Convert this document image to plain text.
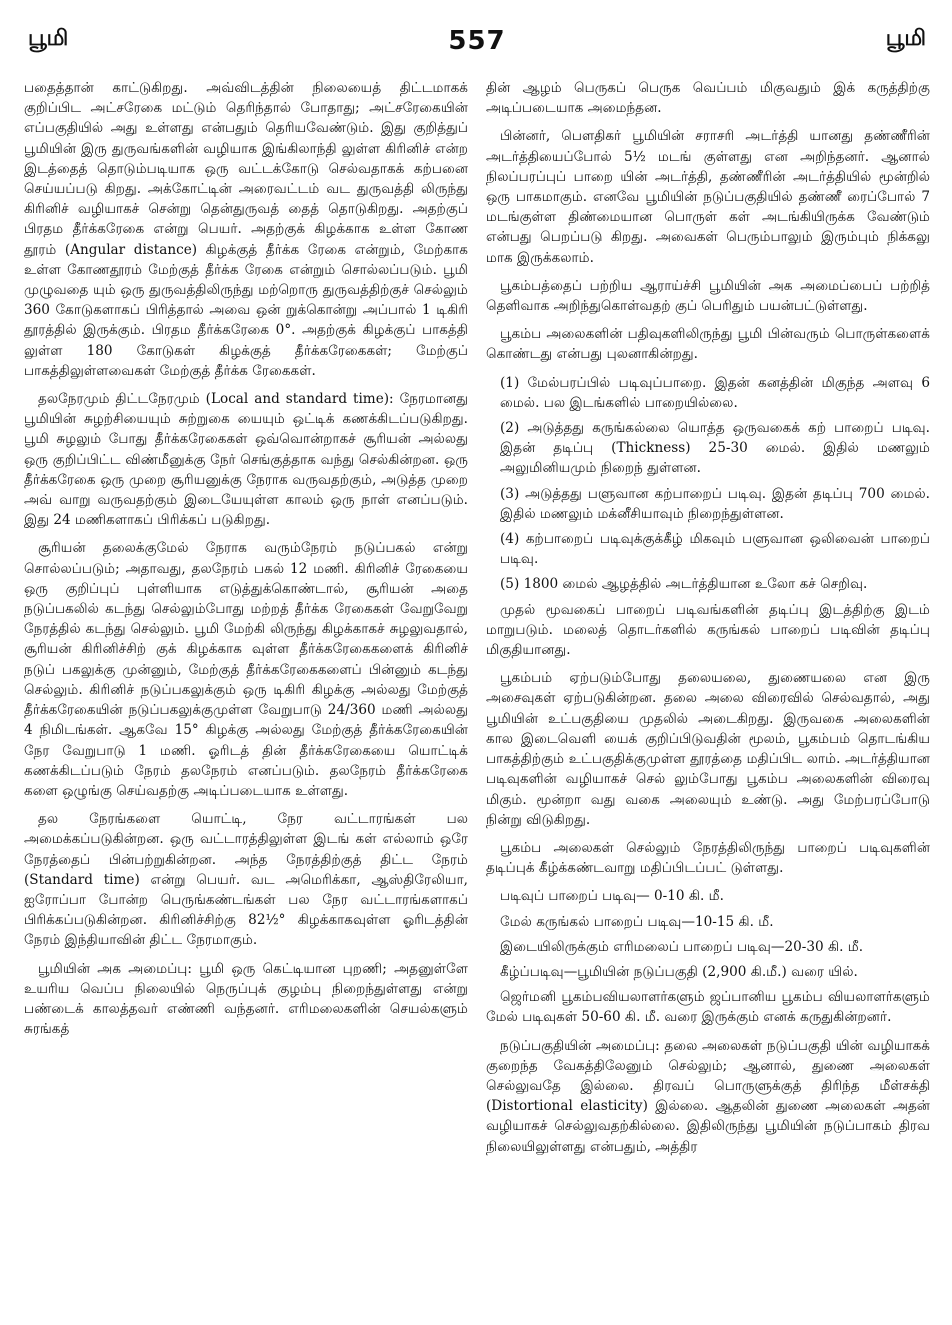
பூமி	557	பூமி

பதைத்தான் காட்டுகிறது. அவ்விடத்தின் நிலையைத் திட்டமாகக் குறிப்பிட அட்சரேகை மட்டும் தெரிந்தால் போதாது; அட்சரேகையின் எப்பகுதியில் அது உள்ளது என்பதும் தெரியவேண்டும். இது குறித்துப் பூமியின் இரு துருவங்களின் வழியாக இங்கிலாந்தி லுள்ள கிரினிச் என்ற இடத்தைத் தொடும்படியாக ஒரு வட்டக்கோடு செல்வதாகக் கற்பனை செய்யப்படு கிறது. அக்கோட்டின் அரைவட்டம் வட துருவத்தி லிருந்து கிரினிச் வழியாகச் சென்று தென்துருவத் தைத் தொடுகிறது. அதற்குப் பிரதம தீர்க்கரேகை என்று பெயர். அதற்குக் கிழக்காக உள்ள கோண தூரம் (Angular distance) கிழக்குத் தீர்க்க ரேகை என்றும், மேற்காக உள்ள கோணதூரம் மேற்குத் தீர்க்க ரேகை என்றும் சொல்லப்படும். பூமி முழுவதை யும் ஒரு துருவத்திலிருந்து மற்றொரு துருவத்திற்குச் செல்லும் 360 கோடுகளாகப் பிரித்தால் அவை ஒன் றுக்கொன்று அப்பால் 1 டிகிரி தூரத்தில் இருக்கும். பிரதம தீர்க்கரேகை 0°. அதற்குக் கிழக்குப் பாகத்தி லுள்ள 180 கோடுகள் கிழக்குத் தீர்க்கரேகைகள்; மேற்குப் பாகத்திலுள்ளவைகள் மேற்குத் தீர்க்க ரேகைகள்.

தலநேரமும் திட்டநேரமும் (Local and standard time): நேரமானது பூமியின் சுழற்சியையும் சுற்றுகை யையும் ஒட்டிக் கணக்கிடப்படுகிறது. பூமி சுழலும் போது தீர்க்கரேகைகள் ஒவ்வொன்றாகச் சூரியன் அல்லது ஒரு குறிப்பிட்ட விண்மீனுக்கு நேர் செங்குத்தாக வந்து செல்கின்றன. ஒரு தீர்க்கரேகை ஒரு முறை சூரியனுக்கு நேராக வருவதற்கும், அடுத்த முறை அவ் வாறு வருவதற்கும் இடையேயுள்ள காலம் ஒரு நாள் எனப்படும். இது 24 மணிகளாகப் பிரிக்கப் படுகிறது.

சூரியன் தலைக்குமேல் நேராக வரும்நேரம் நடுப்பகல் என்று சொல்லப்படும்; அதாவது, தலநேரம் பகல் 12 மணி. கிரினிச் ரேகையை ஒரு குறிப்புப் புள்ளியாக எடுத்துக்கொண்டால், சூரியன் அதை நடுப்பகலில் கடந்து செல்லும்போது மற்றத் தீர்க்க ரேகைகள் வேறுவேறு நேரத்தில் கடந்து செல்லும். பூமி மேற்கி லிருந்து கிழக்காகச் சுழலுவதால், சூரியன் கிரினிச்சிற் குக் கிழக்காக வுள்ள தீர்க்கரேகைகளைக் கிரினிச் நடுப் பகலுக்கு முன்னும், மேற்குத் தீர்க்கரேகைகளைப் பின்னும் கடந்து செல்லும். கிரினிச் நடுப்பகலுக்கும் ஒரு டிகிரி கிழக்கு அல்லது மேற்குத் தீர்க்கரேகையின் நடுப்பகலுக்குமுள்ள வேறுபாடு 24/360 மணி அல்லது 4 நிமிடங்கள். ஆகவே 15° கிழக்கு அல்லது மேற்குத் தீர்க்கரேகையின் நேர வேறுபாடு 1 மணி. ஓரிடத் தின் தீர்க்கரேகையை யொட்டிக் கணக்கிடப்படும் நேரம் தலநேரம் எனப்படும். தலநேரம் தீர்க்கரேகை களை ஒழுங்கு செய்வதற்கு அடிப்படையாக உள்ளது.

தல நேரங்களை யொட்டி, நேர வட்டாரங்கள் பல அமைக்கப்படுகின்றன. ஒரு வட்டாரத்திலுள்ள இடங் கள் எல்லாம் ஒரே நேரத்தைப் பின்பற்றுகின்றன. அந்த நேரத்திற்குத் திட்ட நேரம் (Standard time) என்று பெயர். வட அமெரிக்கா, ஆஸ்திரேலியா, ஐரோப்பா போன்ற பெருங்கண்டங்கள் பல நேர வட்டாரங்களாகப் பிரிக்கப்படுகின்றன. கிரினிச்சிற்கு 82½° கிழக்காகவுள்ள ஓரிடத்தின் நேரம் இந்தியாவின் திட்ட நேரமாகும்.

பூமியின் அக அமைப்பு: பூமி ஒரு கெட்டியான புறணி; அதனுள்ளே உயரிய வெப்ப நிலையில் நெருப்புக் குழம்பு நிறைந்துள்ளது என்று பண்டைக் காலத்தவர் எண்ணி வந்தனர். எரிமலைகளின் செயல்களும் சுரங்கத்

தின் ஆழம் பெருகப் பெருக வெப்பம் மிகுவதும் இக் கருத்திற்கு அடிப்படையாக அமைந்தன.

பின்னர், பௌதிகர் பூமியின் சராசரி அடர்த்தி யானது தண்ணீரின் அடர்த்தியைப்போல் 5½ மடங் குள்ளது என அறிந்தனர். ஆனால் நிலப்பரப்புப் பாறை யின் அடர்த்தி, தண்ணீரின் அடர்த்தியில் மூன்றில் ஒரு பாகமாகும். எனவே பூமியின் நடுப்பகுதியில் தண்ணீ ரைப்போல் 7 மடங்குள்ள திண்மையான பொருள் கள் அடங்கியிருக்க வேண்டும் என்பது பெறப்படு கிறது. அவைகள் பெரும்பாலும் இரும்பும் நிக்கலு மாக இருக்கலாம்.

பூகம்பத்தைப் பற்றிய ஆராய்ச்சி பூமியின் அக அமைப்பைப் பற்றித் தெளிவாக அறிந்துகொள்வதற் குப் பெரிதும் பயன்பட்டுள்ளது.

பூகம்ப அலைகளின் பதிவுகளிலிருந்து பூமி பின்வரும் பொருள்களைக் கொண்டது என்பது புலனாகின்றது.

(1) மேல்பரப்பில் படிவுப்பாறை. இதன் கனத்தின் மிகுந்த அளவு 6 மைல். பல இடங்களில் பாறையில்லை.

(2) அடுத்தது கருங்கல்லை யொத்த ஒருவகைக் கற் பாறைப் படிவு. இதன் தடிப்பு (Thickness) 25-30 மைல். இதில் மணலும் அலுமினியமும் நிறைந் துள்ளன.

(3) அடுத்தது பளுவான கற்பாறைப் படிவு. இதன் தடிப்பு 700 மைல். இதில் மணலும் மக்னீசியாவும் நிறைந்துள்ளன.

(4) கற்பாறைப் படிவுக்குக்கீழ் மிகவும் பளுவான ஒலிவைன் பாறைப் படிவு.

(5) 1800 மைல் ஆழத்தில் அடர்த்தியான உலோ கச் செறிவு.

முதல் மூவகைப் பாறைப் படிவங்களின் தடிப்பு இடத்திற்கு இடம் மாறுபடும். மலைத் தொடர்களில் கருங்கல் பாறைப் படிவின் தடிப்பு மிகுதியானது.

பூகம்பம் ஏற்படும்போது தலையலை, துணையலை என இரு அசைவுகள் ஏற்படுகின்றன. தலை அலை விரைவில் செல்வதால், அது பூமியின் உட்பகுதியை முதலில் அடைகிறது. இருவகை அலைகளின் கால இடைவெளி யைக் குறிப்பிடுவதின் மூலம், பூகம்பம் தொடங்கிய பாகத்திற்கும் உட்பகுதிக்குமுள்ள தூரத்தை மதிப்பிட லாம். அடர்த்தியான படிவுகளின் வழியாகச் செல் லும்போது பூகம்ப அலைகளின் விரைவு மிகும். மூன்றா வது வகை அலையும் உண்டு. அது மேற்பரப்போடு நின்று விடுகிறது.

பூகம்ப அலைகள் செல்லும் நேரத்திலிருந்து பாறைப் படிவுகளின் தடிப்புக் கீழ்க்கண்டவாறு மதிப்பிடப்பட் டுள்ளது.

படிவுப் பாறைப் படிவு— 0-10 கி. மீ.

மேல் கருங்கல் பாறைப் படிவு—10-15 கி. மீ.

இடையிலிருக்கும் எரிமலைப் பாறைப் படிவு—20-30 கி. மீ.

கீழ்ப்படிவு—பூமியின் நடுப்பகுதி (2,900 கி.மீ.) வரை யில்.

ஜெர்மனி பூகம்பவியலாளர்களும் ஜப்பானிய பூகம்ப வியலாளர்களும் மேல் படிவுகள் 50-60 கி. மீ. வரை இருக்கும் எனக் கருதுகின்றனர்.

நடுப்பகுதியின் அமைப்பு: தலை அலைகள் நடுப்பகுதி யின் வழியாகக் குறைந்த வேகத்திலேனும் செல்லும்; ஆனால், துணை அலைகள் செல்லுவதே இல்லை. திரவப் பொருளுக்குத் திரிந்த மீள்சக்தி (Distortional elasticity) இல்லை. ஆதலின் துணை அலைகள் அதன் வழியாகச் செல்லுவதற்கில்லை. இதிலிருந்து பூமியின் நடுப்பாகம் திரவ நிலையிலுள்ளது என்பதும், அத்திர
